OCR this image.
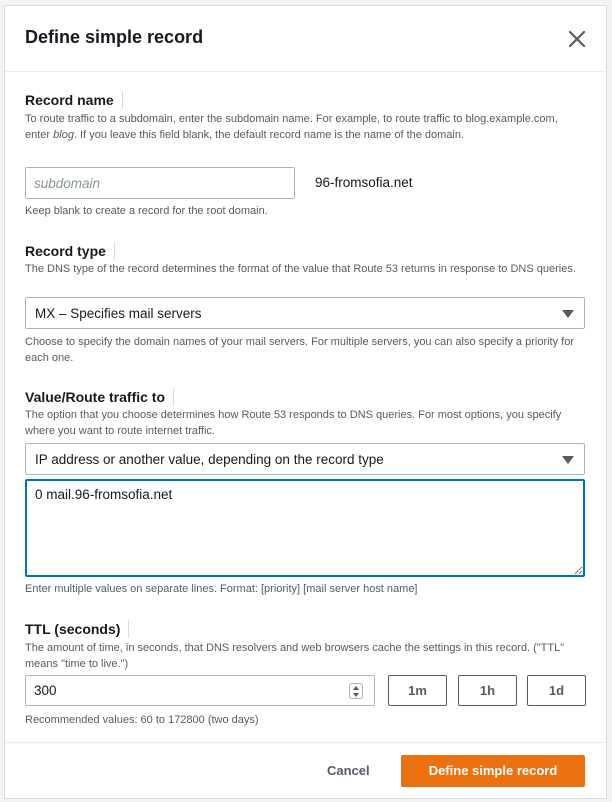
Define simple record
Record name
To route traffic to a subdomain, enter the subdomain name. For example, to route traffic to blog.example.com, enter blog. If you leave this field blank, the default record name is the name of the domain.
subdomain
96-fromsofia.net
Keep blank to create a record for the root domain.
Record type
The DNS type of the record determines the format of the value that Route 53 returns in response to DNS queries.
MX – Specifies mail servers
Choose to specify the domain names of your mail servers. For multiple servers, you can also specify a priority for each one.
Value/Route traffic to
The option that you choose determines how Route 53 responds to DNS queries. For most options, you specify where you want to route internet traffic.
IP address or another value, depending on the record type
0 mail.96-fromsofia.net
Enter multiple values on separate lines. Format: [priority] [mail server host name]
TTL (seconds)
The amount of time, in seconds, that DNS resolvers and web browsers cache the settings in this record. ("TTL" means "time to live.")
300
1m	1h	1d
Recommended values: 60 to 172800 (two days)
Cancel	Define simple record
